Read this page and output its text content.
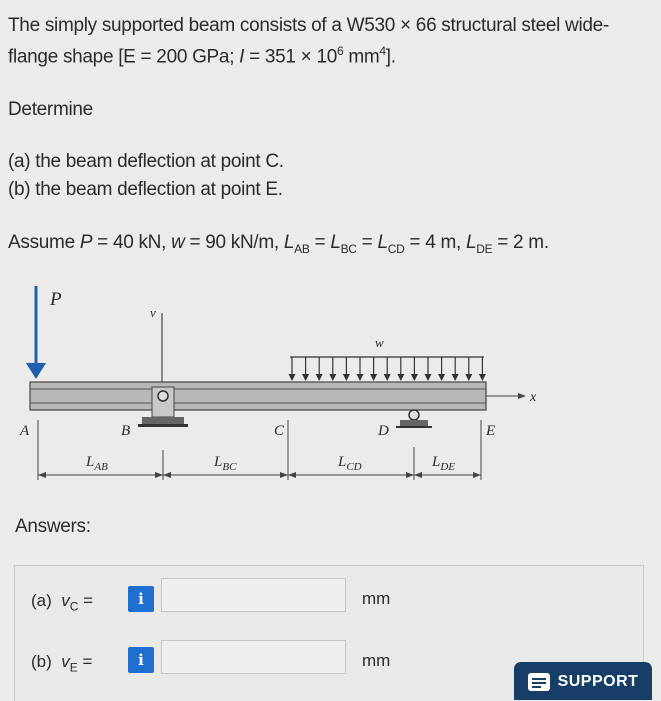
The simply supported beam consists of a W530 × 66 structural steel wide-
flange shape [E = 200 GPa; $I = 351 \times 10^6$ $mm^4$].
Determine
(a) the beam deflection at point C.
(b) the beam deflection at point E.
Assume P = 40 kN, w = 90 kN/m, $L_{AB} = L_{BC} = L_{CD} = 4$ m, $L_{DE} = 2$ m.
P
v
w
x
A	B	C	D	E
$L_{AB}$	$L_{BC}$	$L_{CD}$	$L_{DE}$
Answers:
(a) $v_C$ =	i	mm
(b) $v_E$ =	i	mm
SUPPORT
